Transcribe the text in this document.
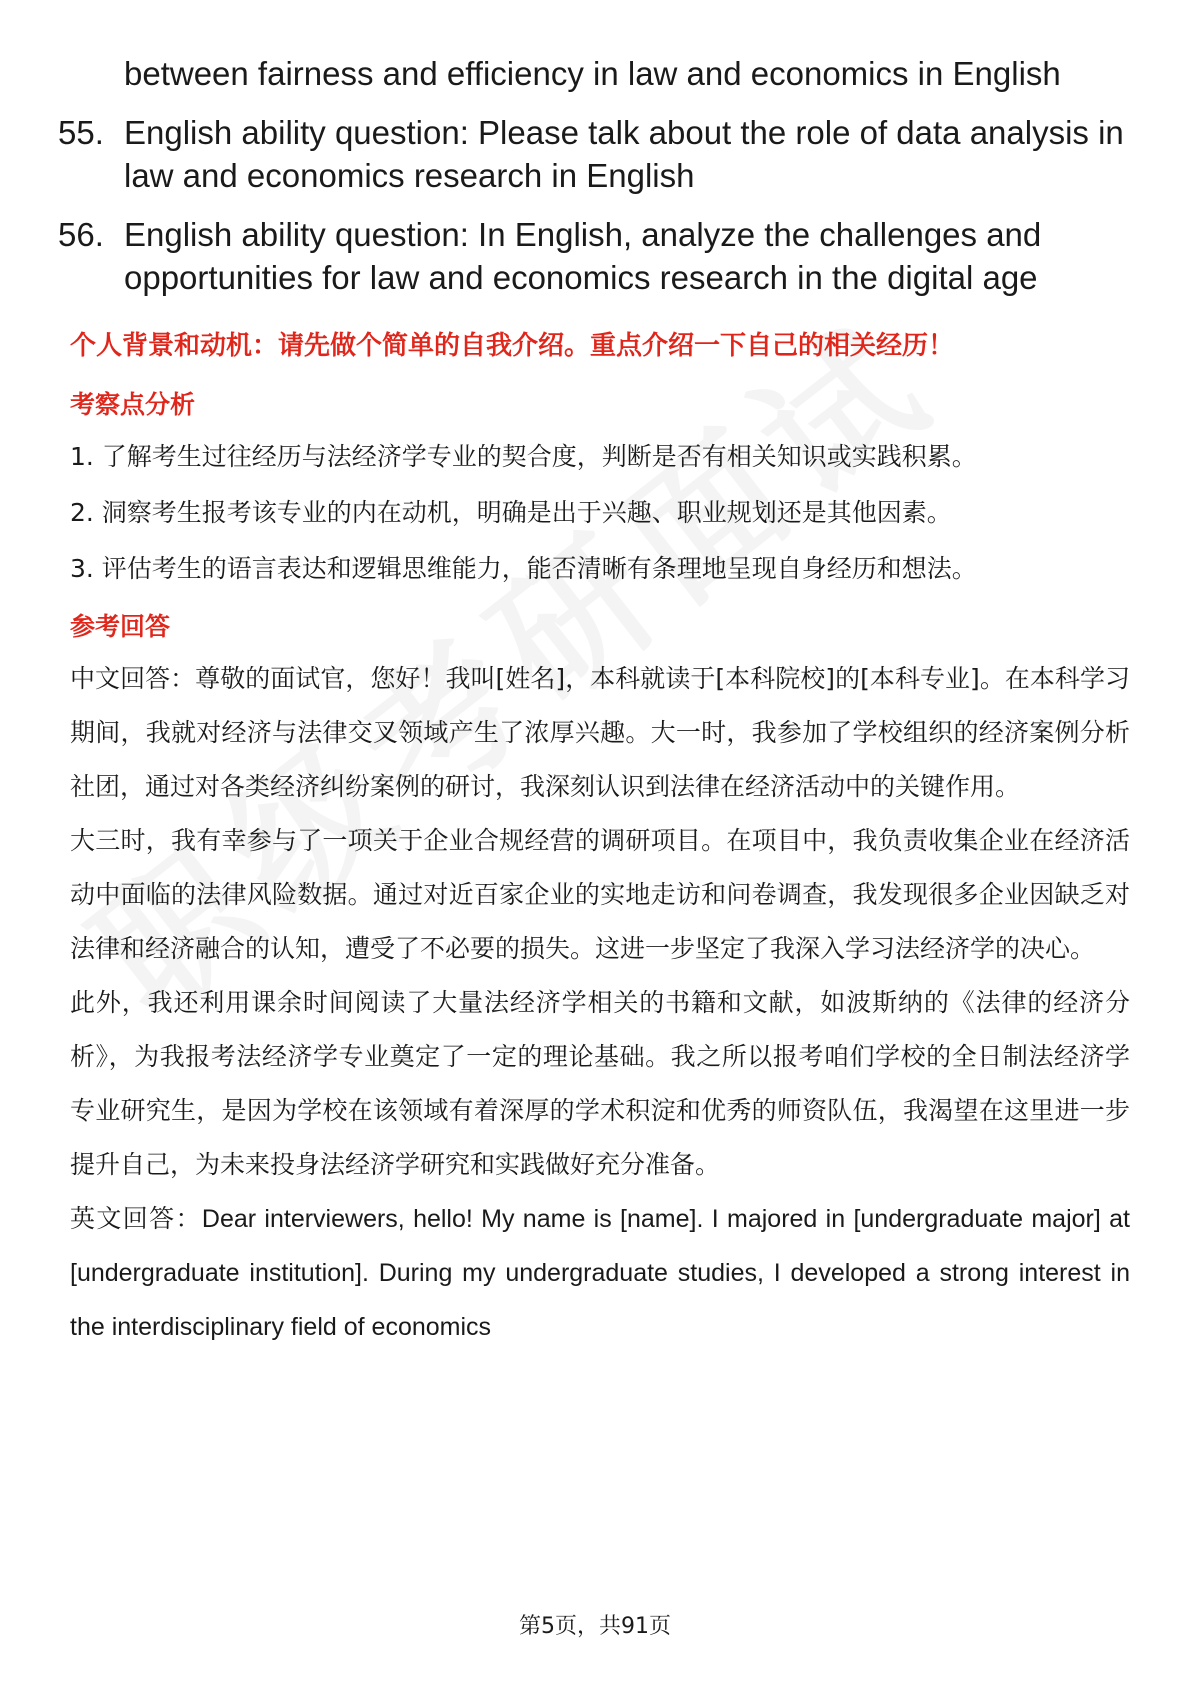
between fairness and efficiency in law and economics in English
55. English ability question: Please talk about the role of data analysis in law and economics research in English
56. English ability question: In English, analyze the challenges and opportunities for law and economics research in the digital age
个人背景和动机：请先做个简单的自我介绍。重点介绍一下自己的相关经历！
考察点分析
1. 了解考生过往经历与法经济学专业的契合度，判断是否有相关知识或实践积累。
2. 洞察考生报考该专业的内在动机，明确是出于兴趣、职业规划还是其他因素。
3. 评估考生的语言表达和逻辑思维能力，能否清晰有条理地呈现自身经历和想法。
参考回答

中文回答：尊敬的面试官，您好！我叫[姓名]，本科就读于[本科院校]的[本科专业]。在本科学习期间，我就对经济与法律交叉领域产生了浓厚兴趣。大一时，我参加了学校组织的经济案例分析社团，通过对各类经济纠纷案例的研讨，我深刻认识到法律在经济活动中的关键作用。

大三时，我有幸参与了一项关于企业合规经营的调研项目。在项目中，我负责收集企业在经济活动中面临的法律风险数据。通过对近百家企业的实地走访和问卷调查，我发现很多企业因缺乏对法律和经济融合的认知，遭受了不必要的损失。这进一步坚定了我深入学习法经济学的决心。

此外，我还利用课余时间阅读了大量法经济学相关的书籍和文献，如波斯纳的《法律的经济分析》，为我报考法经济学专业奠定了一定的理论基础。我之所以报考咱们学校的全日制法经济学专业研究生，是因为学校在该领域有着深厚的学术积淀和优秀的师资队伍，我渴望在这里进一步提升自己，为未来投身法经济学研究和实践做好充分准备。

英文回答：Dear interviewers, hello! My name is [name]. I majored in [undergraduate major] at [undergraduate institution]. During my undergraduate studies, I developed a strong interest in the interdisciplinary field of economics

第5页，共91页
